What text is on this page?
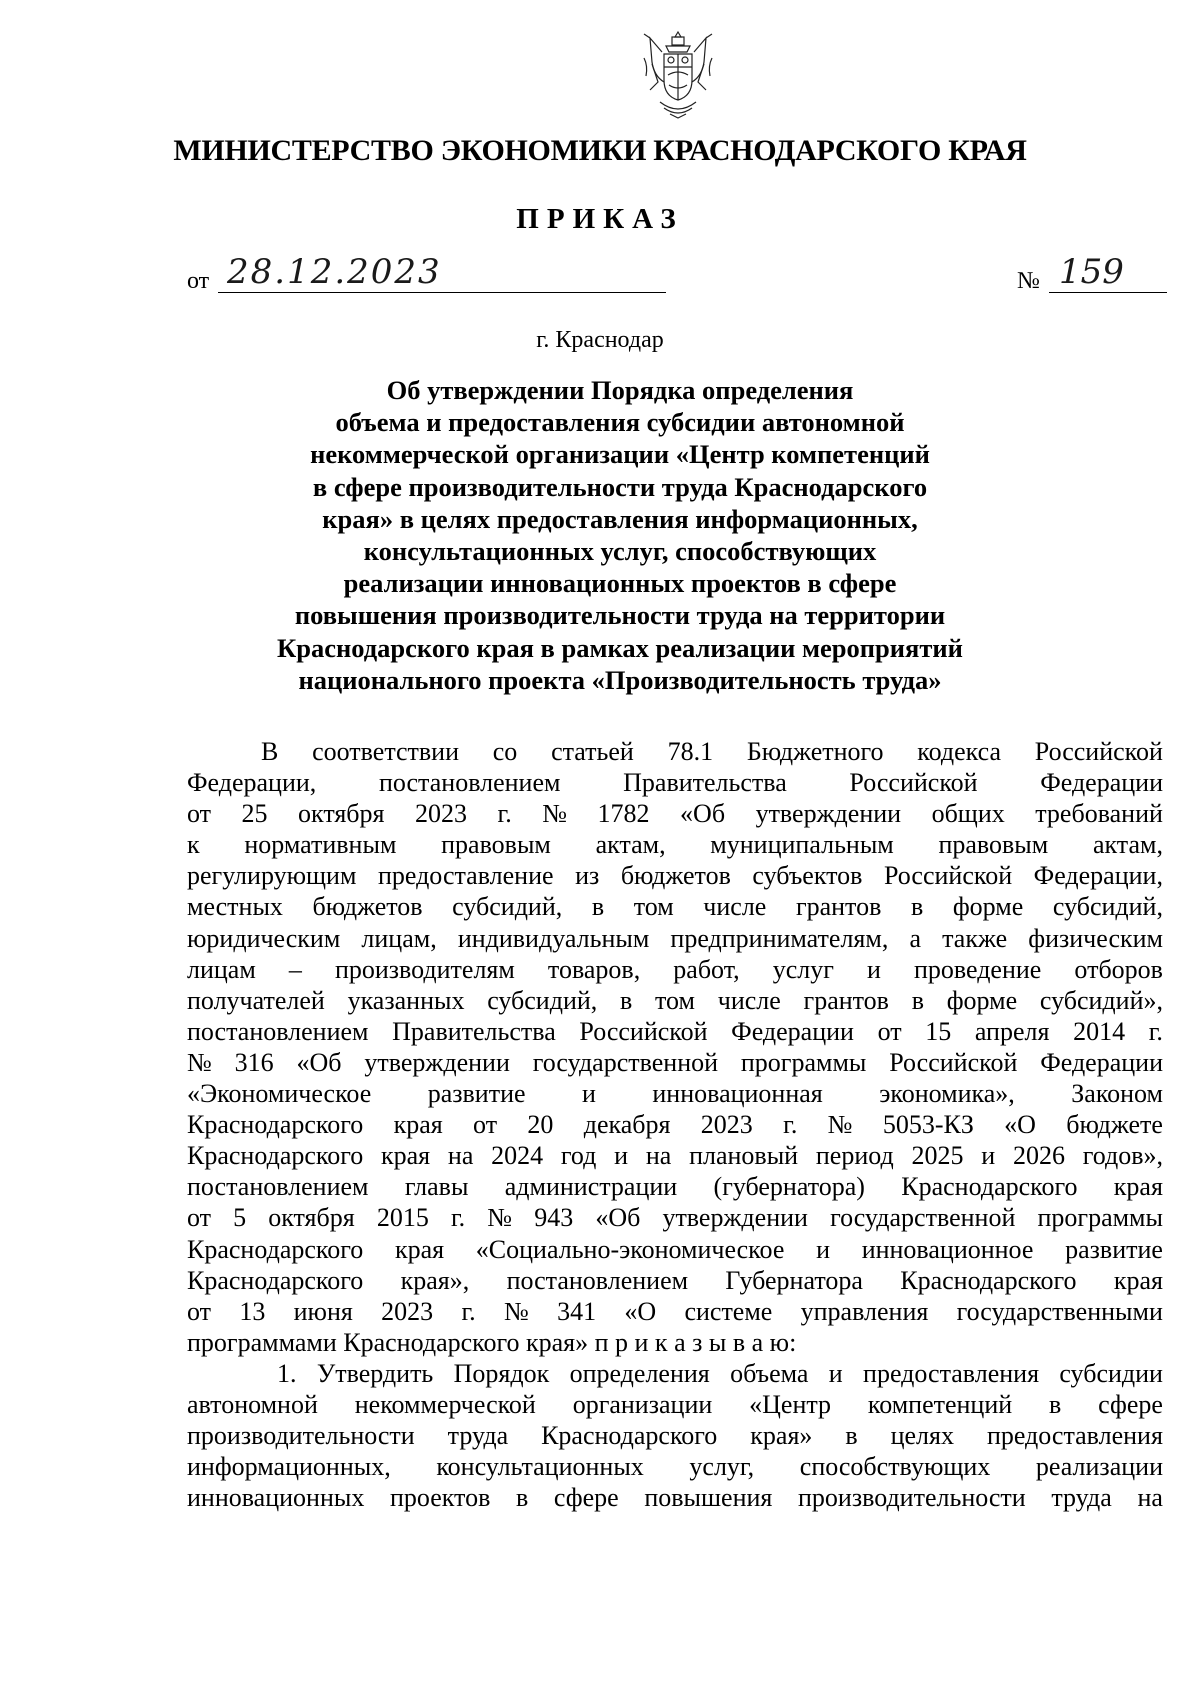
МИНИСТЕРСТВО ЭКОНОМИКИ КРАСНОДАРСКОГО КРАЯ
ПРИКАЗ
от 28.12.2023	№ 159
г. Краснодар
Об утверждении Порядка определения
объема и предоставления субсидии автономной
некоммерческой организации «Центр компетенций
в сфере производительности труда Краснодарского
края» в целях предоставления информационных,
консультационных услуг, способствующих
реализации инновационных проектов в сфере
повышения производительности труда на территории
Краснодарского края в рамках реализации мероприятий
национального проекта «Производительность труда»
В соответствии со статьей 78.1 Бюджетного кодекса Российской
Федерации, постановлением Правительства Российской Федерации
от 25 октября 2023 г. № 1782 «Об утверждении общих требований
к нормативным правовым актам, муниципальным правовым актам,
регулирующим предоставление из бюджетов субъектов Российской Федерации,
местных бюджетов субсидий, в том числе грантов в форме субсидий,
юридическим лицам, индивидуальным предпринимателям, а также физическим
лицам – производителям товаров, работ, услуг и проведение отборов
получателей указанных субсидий, в том числе грантов в форме субсидий»,
постановлением Правительства Российской Федерации от 15 апреля 2014 г.
№ 316 «Об утверждении государственной программы Российской Федерации
«Экономическое развитие и инновационная экономика», Законом
Краснодарского края от 20 декабря 2023 г. № 5053-КЗ «О бюджете
Краснодарского края на 2024 год и на плановый период 2025 и 2026 годов»,
постановлением главы администрации (губернатора) Краснодарского края
от 5 октября 2015 г. № 943 «Об утверждении государственной программы
Краснодарского края «Социально-экономическое и инновационное развитие
Краснодарского края», постановлением Губернатора Краснодарского края
от 13 июня 2023 г. № 341 «О системе управления государственными
программами Краснодарского края» п р и к а з ы в а ю:
1. Утвердить Порядок определения объема и предоставления субсидии
автономной некоммерческой организации «Центр компетенций в сфере
производительности труда Краснодарского края» в целях предоставления
информационных, консультационных услуг, способствующих реализации
инновационных проектов в сфере повышения производительности труда на
